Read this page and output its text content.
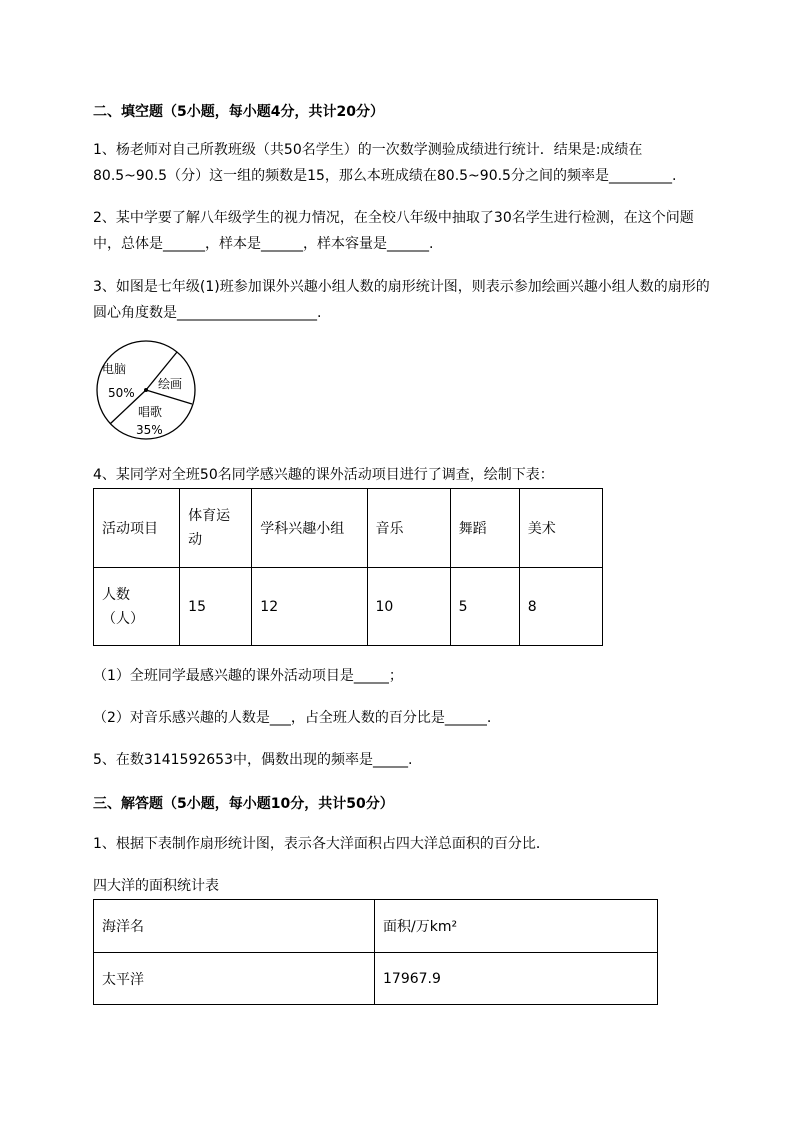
二、填空题（5小题，每小题4分，共计20分）
1、杨老师对自己所教班级（共50名学生）的一次数学测验成绩进行统计．结果是:成绩在
80.5~90.5（分）这一组的频数是15，那么本班成绩在80.5~90.5分之间的频率是_________.
2、某中学要了解八年级学生的视力情况，在全校八年级中抽取了30名学生进行检测，在这个问题
中，总体是______，样本是______，样本容量是______.
3、如图是七年级(1)班参加课外兴趣小组人数的扇形统计图，则表示参加绘画兴趣小组人数的扇形的
圆心角度数是____________________.
电脑
50%
绘画
唱歌
35%
4、某同学对全班50名同学感兴趣的课外活动项目进行了调查，绘制下表：
活动项目	体育运动	学科兴趣小组	音乐	舞蹈	美术

人数
（人）	15	12	10	5	8
（1）全班同学最感兴趣的课外活动项目是_____；
（2）对音乐感兴趣的人数是___，占全班人数的百分比是______.
5、在数3141592653中，偶数出现的频率是_____.
三、解答题（5小题，每小题10分，共计50分）
1、根据下表制作扇形统计图，表示各大洋面积占四大洋总面积的百分比．
四大洋的面积统计表
海洋名	面积/万km²
太平洋	17967.9
